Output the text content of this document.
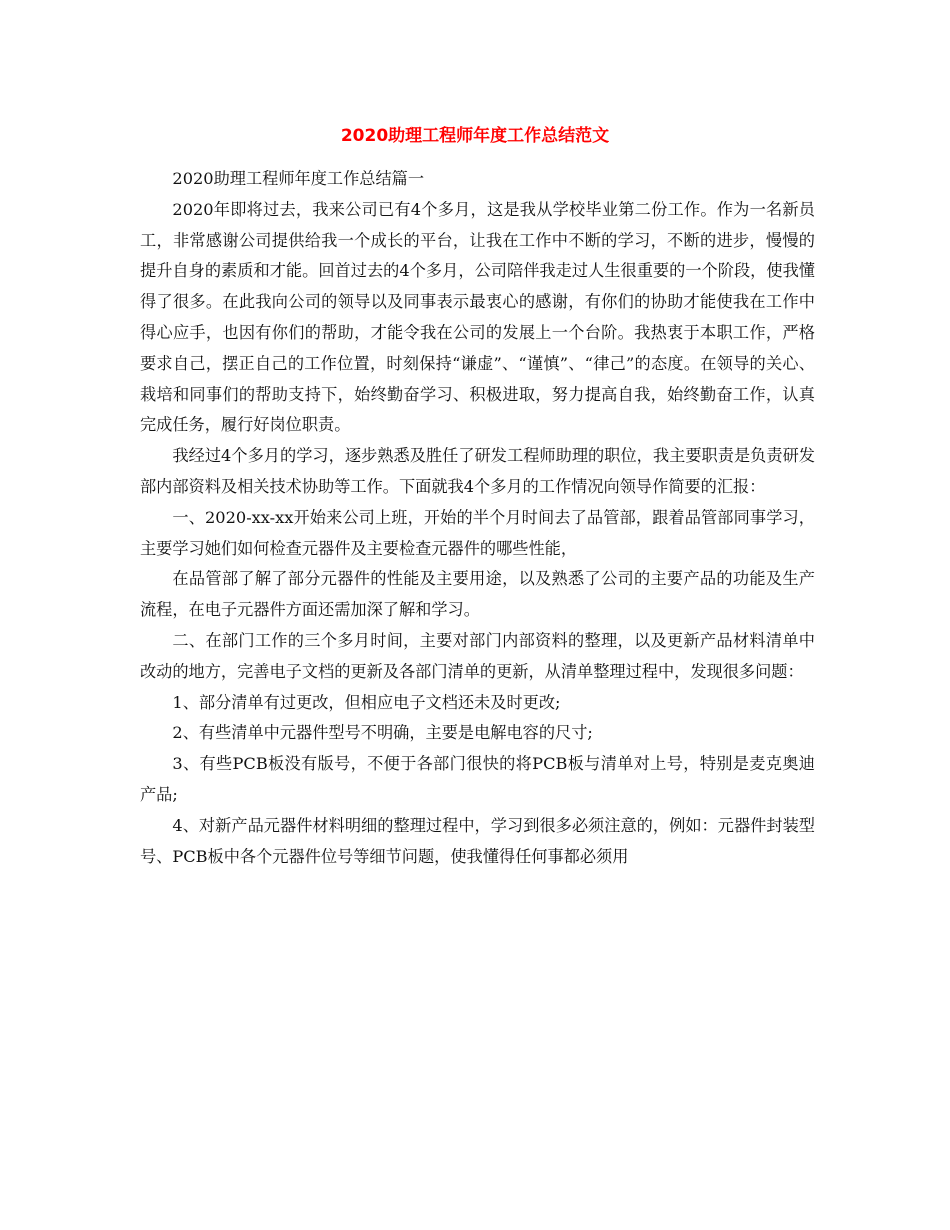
2020助理工程师年度工作总结范文

2020助理工程师年度工作总结篇一

2020年即将过去，我来公司已有4个多月，这是我从学校毕业第二份工作。作为一名新员工，非常感谢公司提供给我一个成长的平台，让我在工作中不断的学习，不断的进步，慢慢的提升自身的素质和才能。回首过去的4个多月，公司陪伴我走过人生很重要的一个阶段，使我懂得了很多。在此我向公司的领导以及同事表示最衷心的感谢，有你们的协助才能使我在工作中得心应手，也因有你们的帮助，才能令我在公司的发展上一个台阶。我热衷于本职工作，严格要求自己，摆正自己的工作位置，时刻保持“谦虚”、“谨慎”、“律己”的态度。在领导的关心、栽培和同事们的帮助支持下，始终勤奋学习、积极进取，努力提高自我，始终勤奋工作，认真完成任务，履行好岗位职责。

我经过4个多月的学习，逐步熟悉及胜任了研发工程师助理的职位，我主要职责是负责研发部内部资料及相关技术协助等工作。下面就我4个多月的工作情况向领导作简要的汇报：

一、2020-xx-xx开始来公司上班，开始的半个月时间去了品管部，跟着品管部同事学习，主要学习她们如何检查元器件及主要检查元器件的哪些性能，

在品管部了解了部分元器件的性能及主要用途，以及熟悉了公司的主要产品的功能及生产流程，在电子元器件方面还需加深了解和学习。

二、在部门工作的三个多月时间，主要对部门内部资料的整理，以及更新产品材料清单中改动的地方，完善电子文档的更新及各部门清单的更新，从清单整理过程中，发现很多问题：

1、部分清单有过更改，但相应电子文档还未及时更改;

2、有些清单中元器件型号不明确，主要是电解电容的尺寸;

3、有些PCB板没有版号，不便于各部门很快的将PCB板与清单对上号，特别是麦克奥迪产品;

4、对新产品元器件材料明细的整理过程中，学习到很多必须注意的，例如：元器件封装型号、PCB板中各个元器件位号等细节问题，使我懂得任何事都必须用
